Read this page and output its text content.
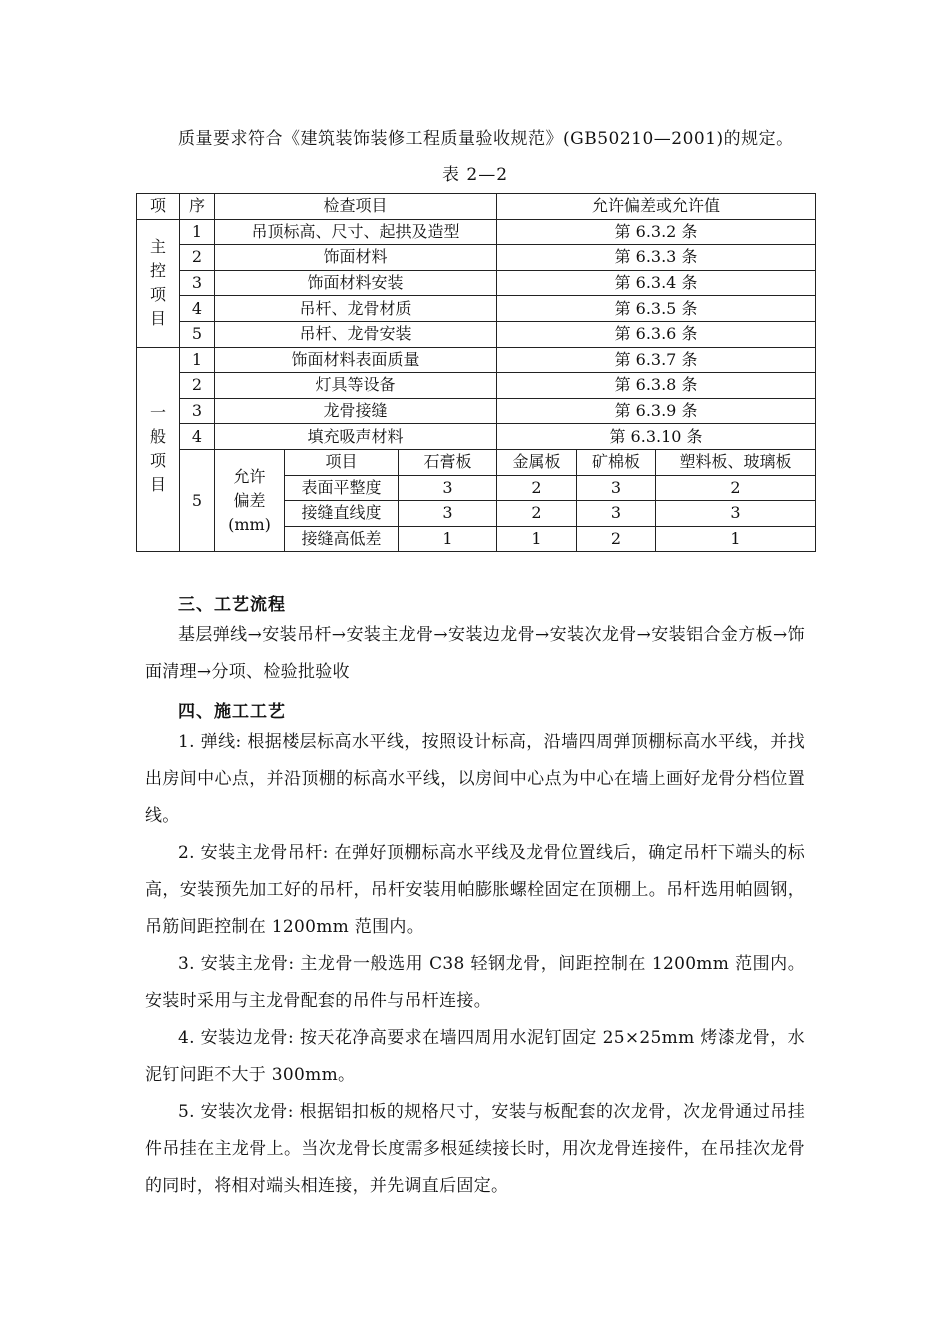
质量要求符合《建筑装饰装修工程质量验收规范》(GB50210—2001)的规定。
表 2—2
项	序	检查项目			允许偏差或允许值		

主
控
项
目	1	吊顶标高、尺寸、起拱及造型			第 6.3.2 条		
	2	饰面材料			第 6.3.3 条		
	3	饰面材料安装			第 6.3.4 条		
	4	吊杆、龙骨材质			第 6.3.5 条		
	5	吊杆、龙骨安装			第 6.3.6 条		

一
般
项
目	1	饰面材料表面质量			第 6.3.7 条		
	2	灯具等设备			第 6.3.8 条		
	3	龙骨接缝			第 6.3.9 条		
	4	填充吸声材料			第 6.3.10 条		
	5	允许
偏差
(mm)	项目	石膏板	金属板	矿棉板	塑料板、玻璃板
			表面平整度	3	2	3	2
			接缝直线度	3	2	3	3
			接缝高低差	1	1	2	1
三、工艺流程

基层弹线→安装吊杆→安装主龙骨→安装边龙骨→安装次龙骨→安装铝合金方板→饰面清理→分项、检验批验收

四、施工工艺

1. 弹线: 根据楼层标高水平线，按照设计标高，沿墙四周弹顶棚标高水平线，并找出房间中心点，并沿顶棚的标高水平线，以房间中心点为中心在墙上画好龙骨分档位置线。

2. 安装主龙骨吊杆: 在弹好顶棚标高水平线及龙骨位置线后，确定吊杆下端头的标高，安装预先加工好的吊杆，吊杆安装用帕膨胀螺栓固定在顶棚上。吊杆选用帕圆钢，吊筋间距控制在 1200mm 范围内。

3. 安装主龙骨: 主龙骨一般选用 C38 轻钢龙骨，间距控制在 1200mm 范围内。安装时采用与主龙骨配套的吊件与吊杆连接。

4. 安装边龙骨: 按天花净高要求在墙四周用水泥钉固定 25×25mm 烤漆龙骨，水泥钉问距不大于 300mm。

5. 安装次龙骨: 根据铝扣板的规格尺寸，安装与板配套的次龙骨，次龙骨通过吊挂件吊挂在主龙骨上。当次龙骨长度需多根延续接长时，用次龙骨连接件，在吊挂次龙骨的同时，将相对端头相连接，并先调直后固定。
